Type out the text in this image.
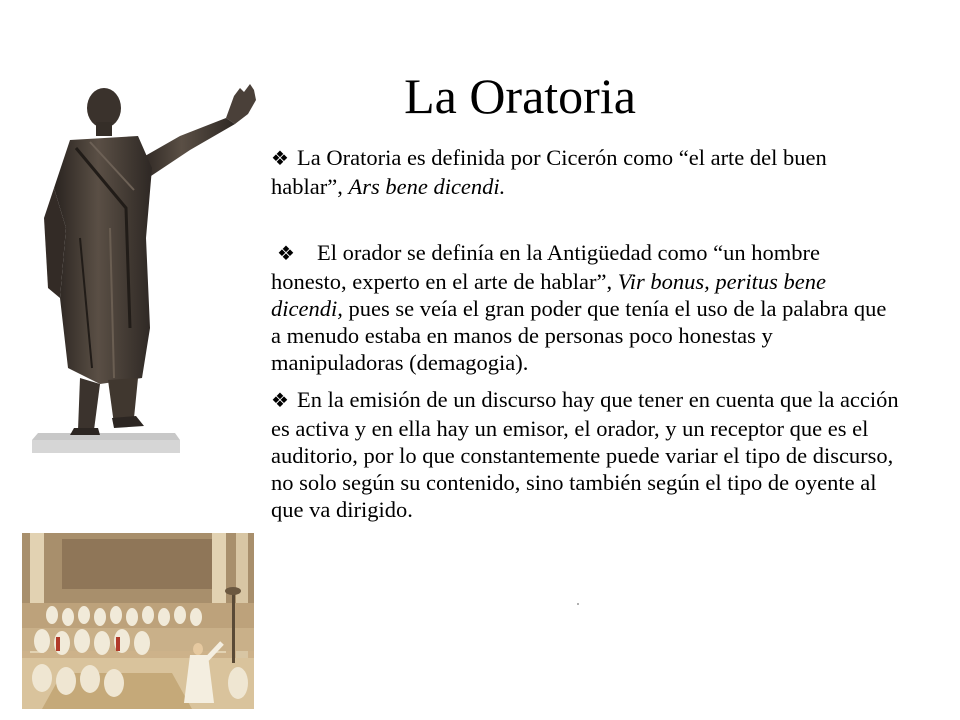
La Oratoria

❖ La Oratoria es definida por Cicerón como “el arte del buen hablar”, Ars bene dicendi.

❖ El orador se definía en la Antigüedad como “un hombre honesto, experto en el arte de hablar”, Vir bonus, peritus bene dicendi, pues se veía el gran poder que tenía el uso de la palabra que a menudo estaba en manos de personas poco honestas y manipuladoras (demagogia).

❖ En la emisión de un discurso hay que tener en cuenta que la acción es activa y en ella hay un emisor, el orador, y un receptor que es el auditorio, por lo que constantemente puede variar el tipo de discurso, no solo según su contenido, sino también según el tipo de oyente al que va dirigido.
